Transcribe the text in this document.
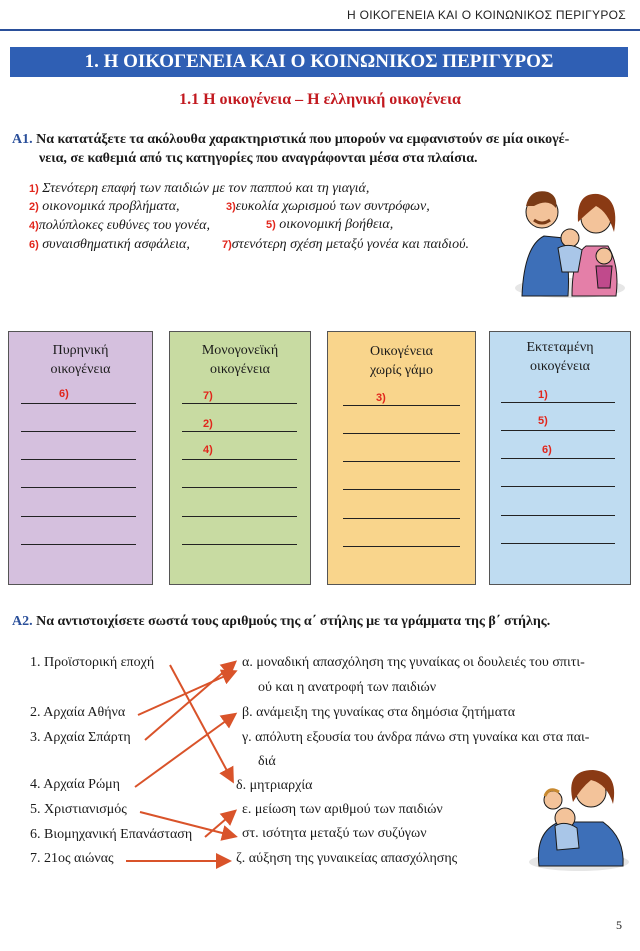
Η ΟΙΚΟΓΕΝΕΙΑ ΚΑΙ Ο ΚΟΙΝΩΝΙΚΟΣ ΠΕΡΙΓΥΡΟΣ
1. Η ΟΙΚΟΓΕΝΕΙΑ ΚΑΙ Ο ΚΟΙΝΩΝΙΚΟΣ ΠΕΡΙΓΥΡΟΣ
1.1 Η οικογένεια – Η ελληνική οικογένεια
Α1. Να κατατάξετε τα ακόλουθα χαρακτηριστικά που μπορούν να εμφανιστούν σε μία οικογέ-
νεια, σε καθεμιά από τις κατηγορίες που αναγράφονται μέσα στα πλαίσια.
1) Στενότερη επαφή των παιδιών με τον παππού και τη γιαγιά,
2) οικονομικά προβλήματα,	3)ευκολία χωρισμού των συντρόφων,
4)πολύπλοκες ευθύνες του γονέα,	5) οικονομική βοήθεια,
6) συναισθηματική ασφάλεια,	7)στενότερη σχέση μεταξύ γονέα και παιδιού.
Πυρηνική
οικογένεια
6)
Μονογονεϊκή
οικογένεια
7)
2)
4)
Οικογένεια
χωρίς γάμο
3)
Εκτεταμένη
οικογένεια
1)
5)
6)
Α2. Να αντιστοιχίσετε σωστά τους αριθμούς της α΄ στήλης με τα γράμματα της β΄ στήλης.
1. Προϊστορική εποχή
2. Αρχαία Αθήνα
3. Αρχαία Σπάρτη
4. Αρχαία Ρώμη
5. Χριστιανισμός
6. Βιομηχανική Επανάσταση
7. 21ος αιώνας
α. μοναδική απασχόληση της γυναίκας οι δουλειές του σπιτι-
ού και η ανατροφή των παιδιών
β. ανάμειξη της γυναίκας στα δημόσια ζητήματα
γ. απόλυτη εξουσία του άνδρα πάνω στη γυναίκα και στα παι-
διά
δ. μητριαρχία
ε. μείωση των αριθμού των παιδιών
στ. ισότητα μεταξύ των συζύγων
ζ. αύξηση της γυναικείας απασχόλησης
5
